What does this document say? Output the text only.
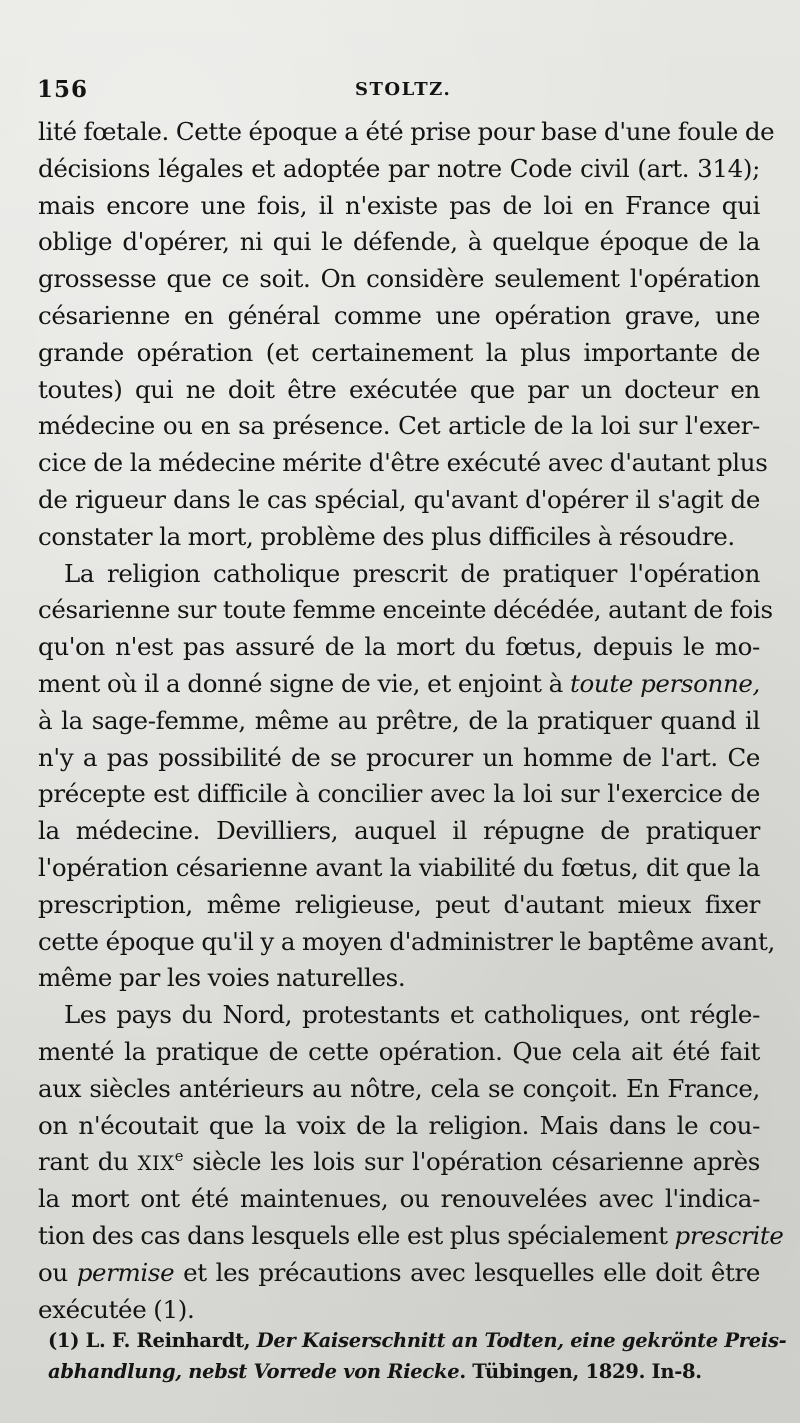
156	STOLTZ.
lité fœtale. Cette époque a été prise pour base d'une foule de
décisions légales et adoptée par notre Code civil (art. 314);
mais encore une fois, il n'existe pas de loi en France qui
oblige d'opérer, ni qui le défende, à quelque époque de la
grossesse que ce soit. On considère seulement l'opération
césarienne en général comme une opération grave, une
grande opération (et certainement la plus importante de
toutes) qui ne doit être exécutée que par un docteur en
médecine ou en sa présence. Cet article de la loi sur l'exer-
cice de la médecine mérite d'être exécuté avec d'autant plus
de rigueur dans le cas spécial, qu'avant d'opérer il s'agit de
constater la mort, problème des plus difficiles à résoudre.
La religion catholique prescrit de pratiquer l'opération
césarienne sur toute femme enceinte décédée, autant de fois
qu'on n'est pas assuré de la mort du fœtus, depuis le mo-
ment où il a donné signe de vie, et enjoint à toute personne,
à la sage-femme, même au prêtre, de la pratiquer quand il
n'y a pas possibilité de se procurer un homme de l'art. Ce
précepte est difficile à concilier avec la loi sur l'exercice de
la médecine. Devilliers, auquel il répugne de pratiquer
l'opération césarienne avant la viabilité du fœtus, dit que la
prescription, même religieuse, peut d'autant mieux fixer
cette époque qu'il y a moyen d'administrer le baptême avant,
même par les voies naturelles.
Les pays du Nord, protestants et catholiques, ont régle-
menté la pratique de cette opération. Que cela ait été fait
aux siècles antérieurs au nôtre, cela se conçoit. En France,
on n'écoutait que la voix de la religion. Mais dans le cou-
rant du XIXe siècle les lois sur l'opération césarienne après
la mort ont été maintenues, ou renouvelées avec l'indica-
tion des cas dans lesquels elle est plus spécialement prescrite
ou permise et les précautions avec lesquelles elle doit être
exécutée (1).
(1) L. F. Reinhardt, Der Kaiserschnitt an Todten, eine gekrönte Preis-
abhandlung, nebst Vorrede von Riecke. Tübingen, 1829. In-8.
